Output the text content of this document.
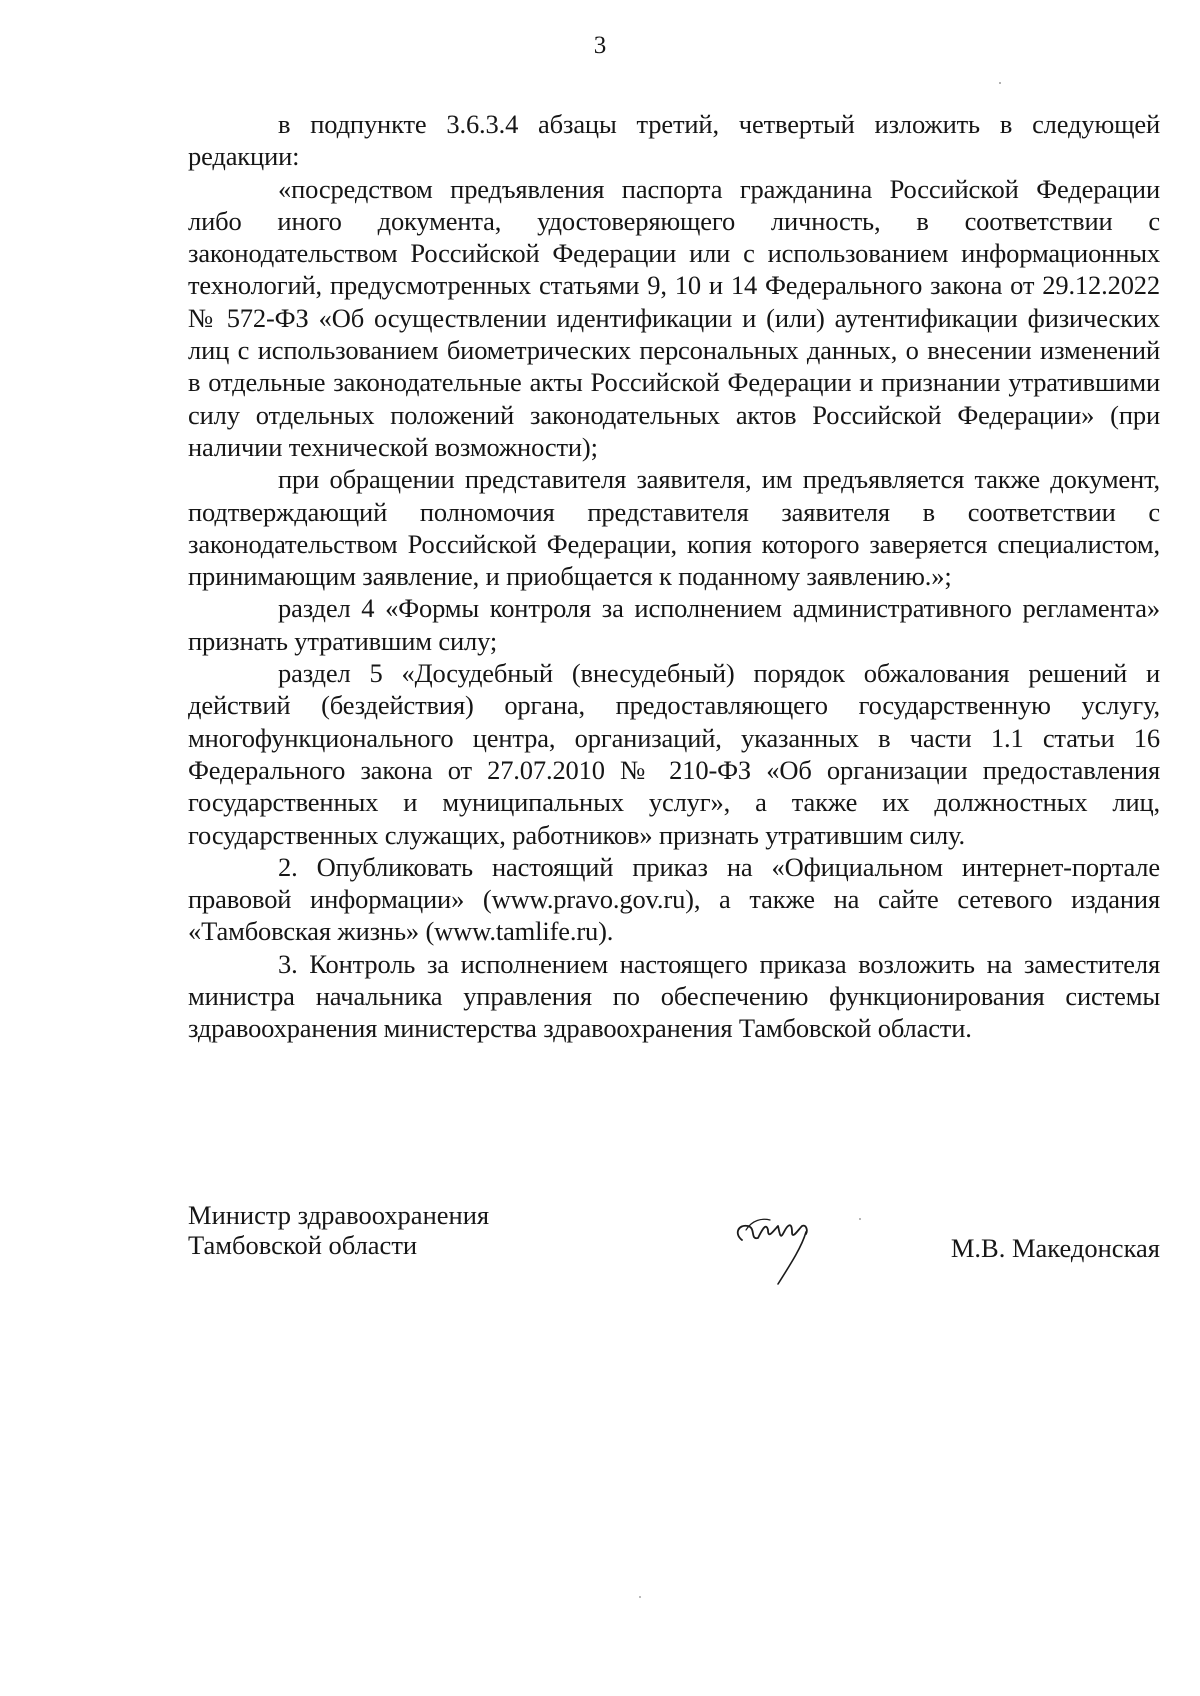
3

в подпункте 3.6.3.4 абзацы третий, четвертый изложить в следующей редакции:

«посредством предъявления паспорта гражданина Российской Федерации либо иного документа, удостоверяющего личность, в соответствии с законодательством Российской Федерации или с использованием информационных технологий, предусмотренных статьями 9, 10 и 14 Федерального закона от 29.12.2022 № 572-ФЗ «Об осуществлении идентификации и (или) аутентификации физических лиц с использованием биометрических персональных данных, о внесении изменений в отдельные законодательные акты Российской Федерации и признании утратившими силу отдельных положений законодательных актов Российской Федерации» (при наличии технической возможности);

при обращении представителя заявителя, им предъявляется также документ, подтверждающий полномочия представителя заявителя в соответствии с законодательством Российской Федерации, копия которого заверяется специалистом, принимающим заявление, и приобщается к поданному заявлению.»;

раздел 4 «Формы контроля за исполнением административного регламента» признать утратившим силу;

раздел 5 «Досудебный (внесудебный) порядок обжалования решений и действий (бездействия) органа, предоставляющего государственную услугу, многофункционального центра, организаций, указанных в части 1.1 статьи 16 Федерального закона от 27.07.2010 № 210-ФЗ «Об организации предоставления государственных и муниципальных услуг», а также их должностных лиц, государственных служащих, работников» признать утратившим силу.

2. Опубликовать настоящий приказ на «Официальном интернет-портале правовой информации» (www.pravo.gov.ru), а также на сайте сетевого издания «Тамбовская жизнь» (www.tamlife.ru).

3. Контроль за исполнением настоящего приказа возложить на заместителя министра начальника управления по обеспечению функционирования системы здравоохранения министерства здравоохранения Тамбовской области.

Министр здравоохранения
Тамбовской области	М.В. Македонская
